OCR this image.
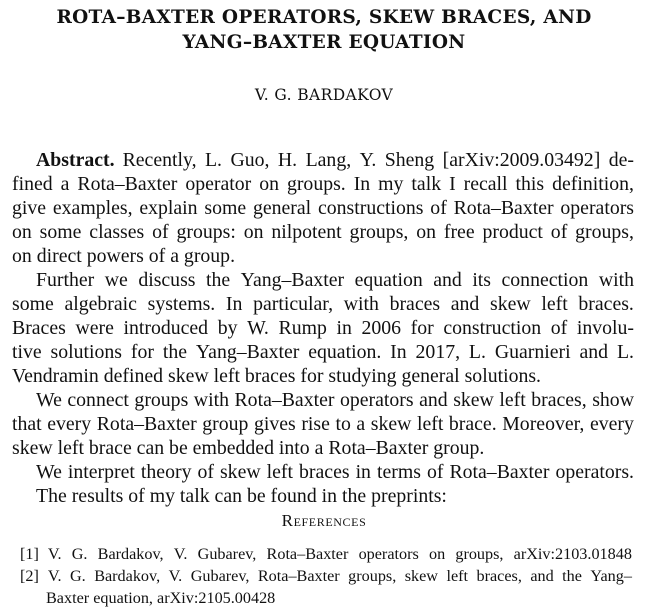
ROTA–BAXTER OPERATORS, SKEW BRACES, AND
YANG–BAXTER EQUATION
V. G. BARDAKOV
Abstract. Recently, L. Guo, H. Lang, Y. Sheng [arXiv:2009.03492] de-
fined a Rota–Baxter operator on groups. In my talk I recall this definition,
give examples, explain some general constructions of Rota–Baxter operators
on some classes of groups: on nilpotent groups, on free product of groups,
on direct powers of a group.
Further we discuss the Yang–Baxter equation and its connection with
some algebraic systems. In particular, with braces and skew left braces.
Braces were introduced by W. Rump in 2006 for construction of involu-
tive solutions for the Yang–Baxter equation. In 2017, L. Guarnieri and L.
Vendramin defined skew left braces for studying general solutions.
We connect groups with Rota–Baxter operators and skew left braces, show
that every Rota–Baxter group gives rise to a skew left brace. Moreover, every
skew left brace can be embedded into a Rota–Baxter group.
We interpret theory of skew left braces in terms of Rota–Baxter operators.
The results of my talk can be found in the preprints:
References
[1] V. G. Bardakov, V. Gubarev, Rota–Baxter operators on groups, arXiv:2103.01848
[2] V. G. Bardakov, V. Gubarev, Rota–Baxter groups, skew left braces, and the Yang–
Baxter equation, arXiv:2105.00428
